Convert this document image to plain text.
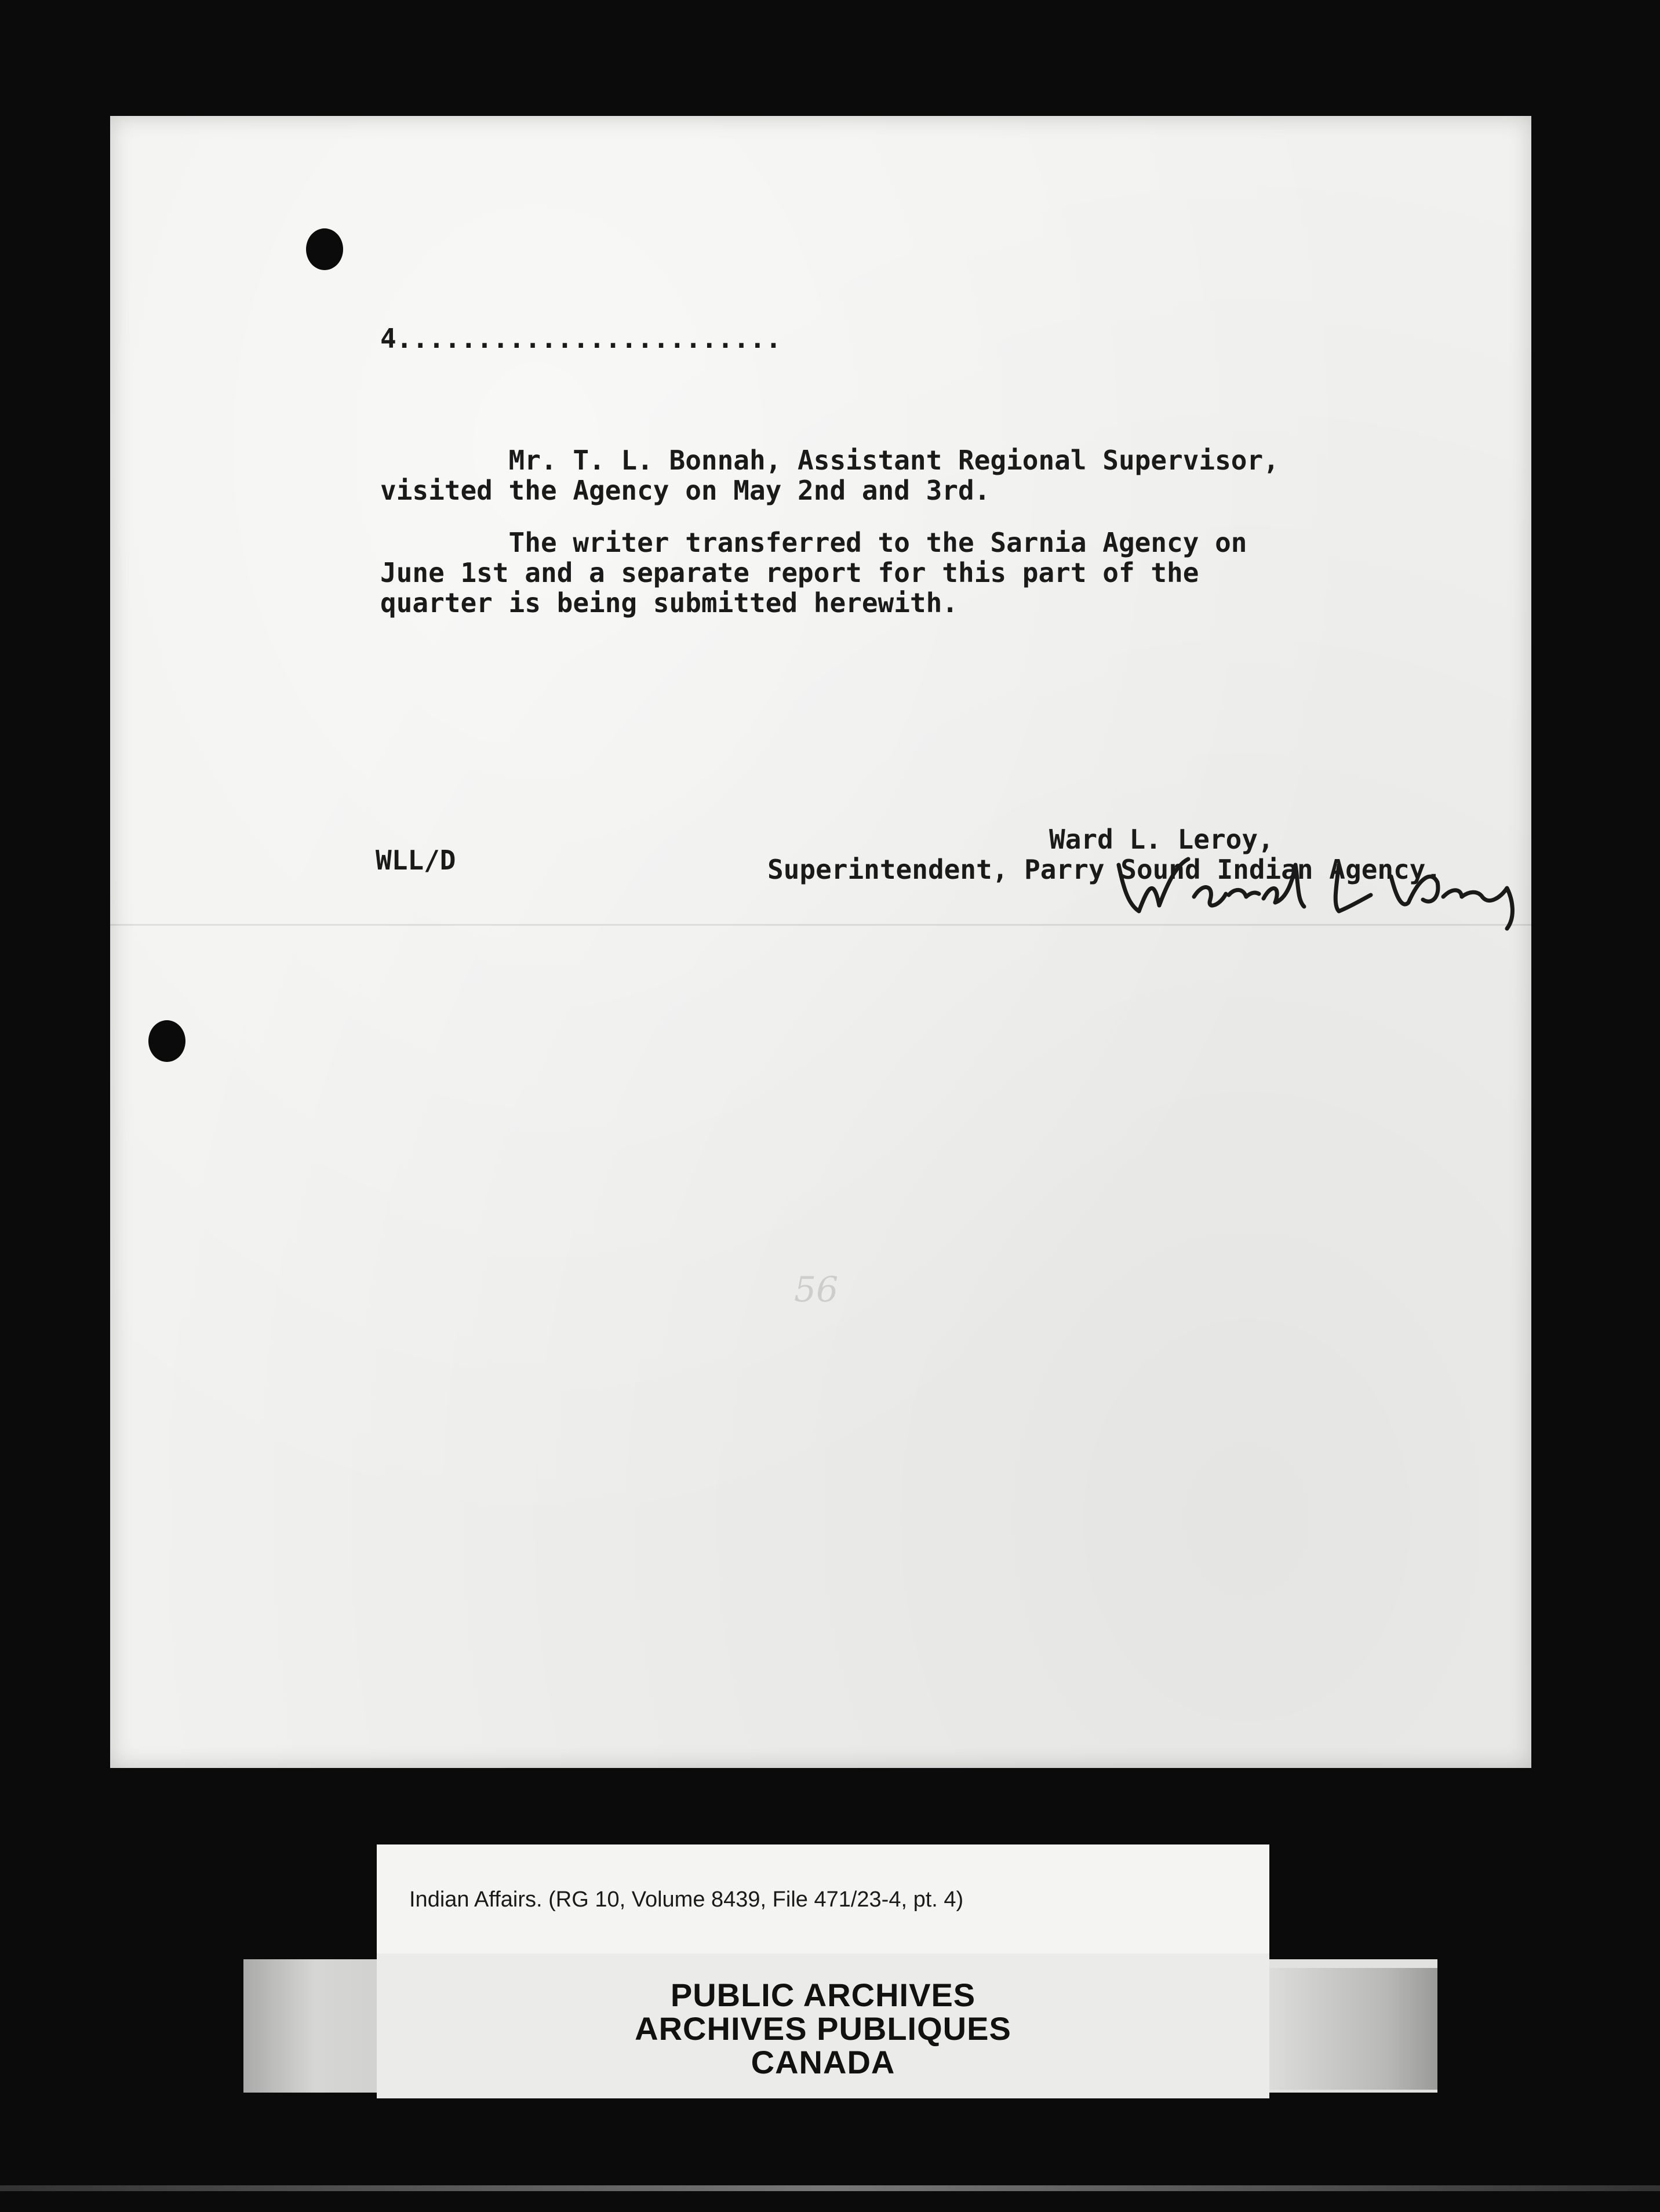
4........................
Mr. T. L. Bonnah, Assistant Regional Supervisor,
visited the Agency on May 2nd and 3rd.
The writer transferred to the Sarnia Agency on
June 1st and a separate report for this part of the
quarter is being submitted herewith.
Ward L. Leroy,
Superintendent, Parry Sound Indian Agency.
WLL/D
56
Indian Affairs. (RG 10, Volume 8439, File 471/23-4, pt. 4)
PUBLIC ARCHIVES
ARCHIVES PUBLIQUES
CANADA
